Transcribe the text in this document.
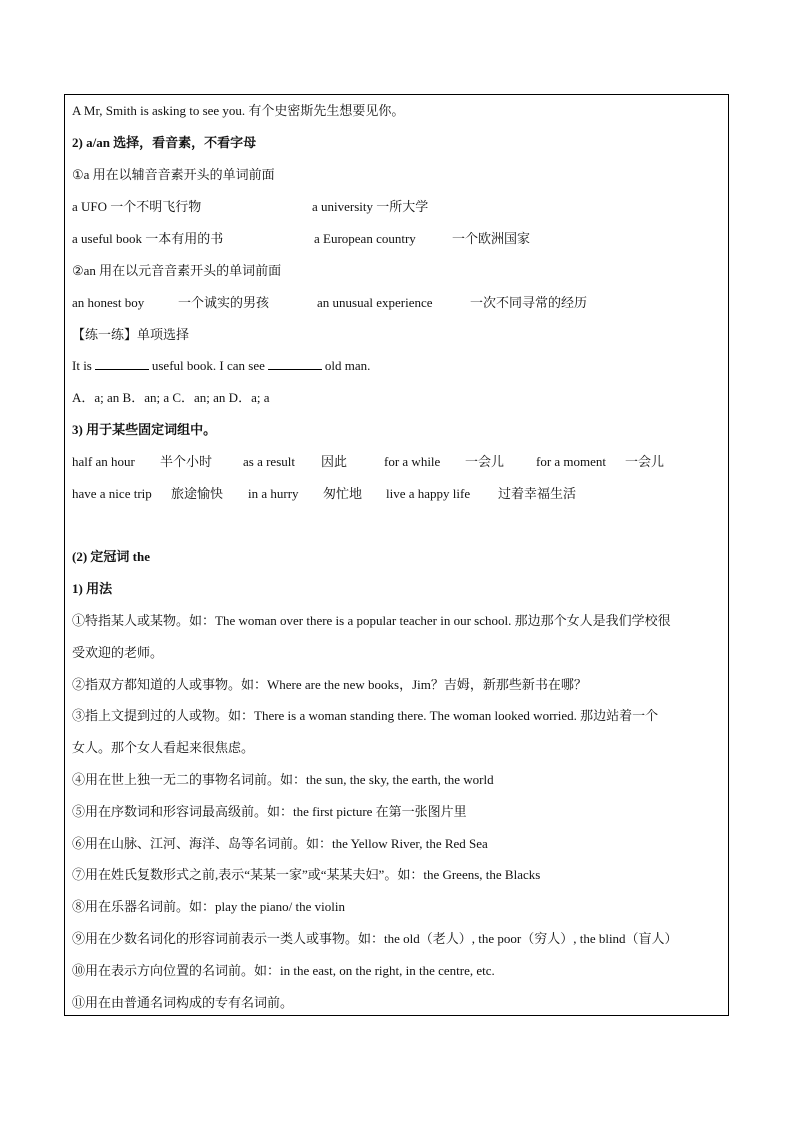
A Mr, Smith is asking to see you. 有个史密斯先生想要见你。
2) a/an 选择，看音素，不看字母
①a 用在以辅音音素开头的单词前面
a UFO 一个不明飞行物	a university 一所大学
a useful book 一本有用的书	a European country	一个欧洲国家
②an 用在以元音音素开头的单词前面
an honest boy	一个诚实的男孩	an unusual experience	一次不同寻常的经历
【练一练】单项选择
It is	useful book. I can see	old man.
A．a; an B．an; a C．an; an D．a; a
3) 用于某些固定词组中。
half an hour 半个小时 as a result 因此	for a while 一会儿 for a moment 一会儿
have a nice trip 旅途愉快 in a hurry 匆忙地 live a happy life 过着幸福生活
(2) 定冠词 the
1) 用法
①特指某人或某物。如：The woman over there is a popular teacher in our school. 那边那个女人是我们学校很
受欢迎的老师。
②指双方都知道的人或事物。如：Where are the new books，Jim？吉姆，新那些新书在哪？
③指上文提到过的人或物。如：There is a woman standing there. The woman looked worried. 那边站着一个
女人。那个女人看起来很焦虑。
④用在世上独一无二的事物名词前。如：the sun, the sky, the earth, the world
⑤用在序数词和形容词最高级前。如：the first picture 在第一张图片里
⑥用在山脉、江河、海洋、岛等名词前。如：the Yellow River, the Red Sea
⑦用在姓氏复数形式之前,表示“某某一家”或“某某夫妇”。如：the Greens, the Blacks
⑧用在乐器名词前。如：play the piano/ the violin
⑨用在少数名词化的形容词前表示一类人或事物。如：the old（老人）, the poor（穷人）, the blind（盲人）
⑩用在表示方向位置的名词前。如：in the east, on the right, in the centre, etc.
⑪用在由普通名词构成的专有名词前。
